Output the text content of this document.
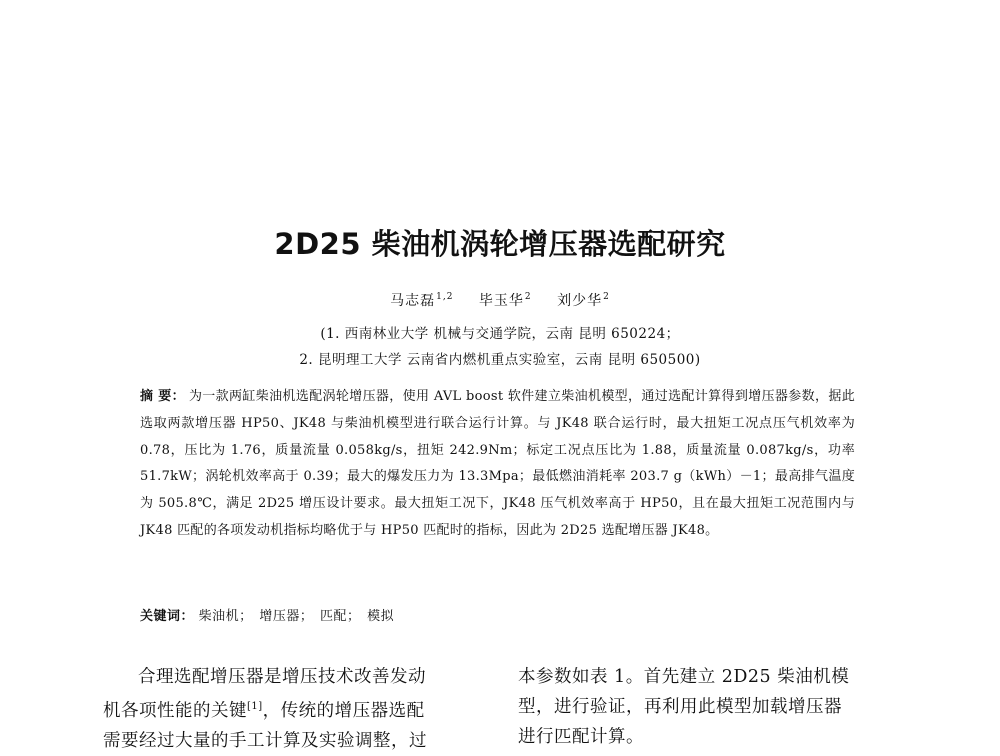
2D25 柴油机涡轮增压器选配研究
马志磊$^{1,2}$ 毕玉华$^2$ 刘少华$^2$
(1. 西南林业大学 机械与交通学院，云南 昆明 650224；
2. 昆明理工大学 云南省内燃机重点实验室，云南 昆明 650500)
摘 要： 为一款两缸柴油机选配涡轮增压器，使用 AVL boost 软件建立柴油机模型，通过选配计算得到增压器参数，据此选取两款增压器 HP50、JK48 与柴油机模型进行联合运行计算。与 JK48 联合运行时，最大扭矩工况点压气机效率为 0.78，压比为 1.76，质量流量 0.058kg/s，扭矩 242.9Nm；标定工况点压比为 1.88，质量流量 0.087kg/s，功率 51.7kW；涡轮机效率高于 0.39；最大的爆发压力为 13.3Mpa；最低燃油消耗率 203.7 g（kWh）－1；最高排气温度为 505.8℃，满足 2D25 增压设计要求。最大扭矩工况下，JK48 压气机效率高于 HP50，且在最大扭矩工况范围内与 JK48 匹配的各项发动机指标均略优于与 HP50 匹配时的指标，因此为 2D25 选配增压器 JK48。
关键词： 柴油机； 增压器； 匹配； 模拟
合理选配增压器是增压技术改善发动
机各项性能的关键[1]，传统的增压器选配
需要经过大量的手工计算及实验调整，过
本参数如表 1。首先建立 2D25 柴油机模
型，进行验证，再利用此模型加载增压器
进行匹配计算。
